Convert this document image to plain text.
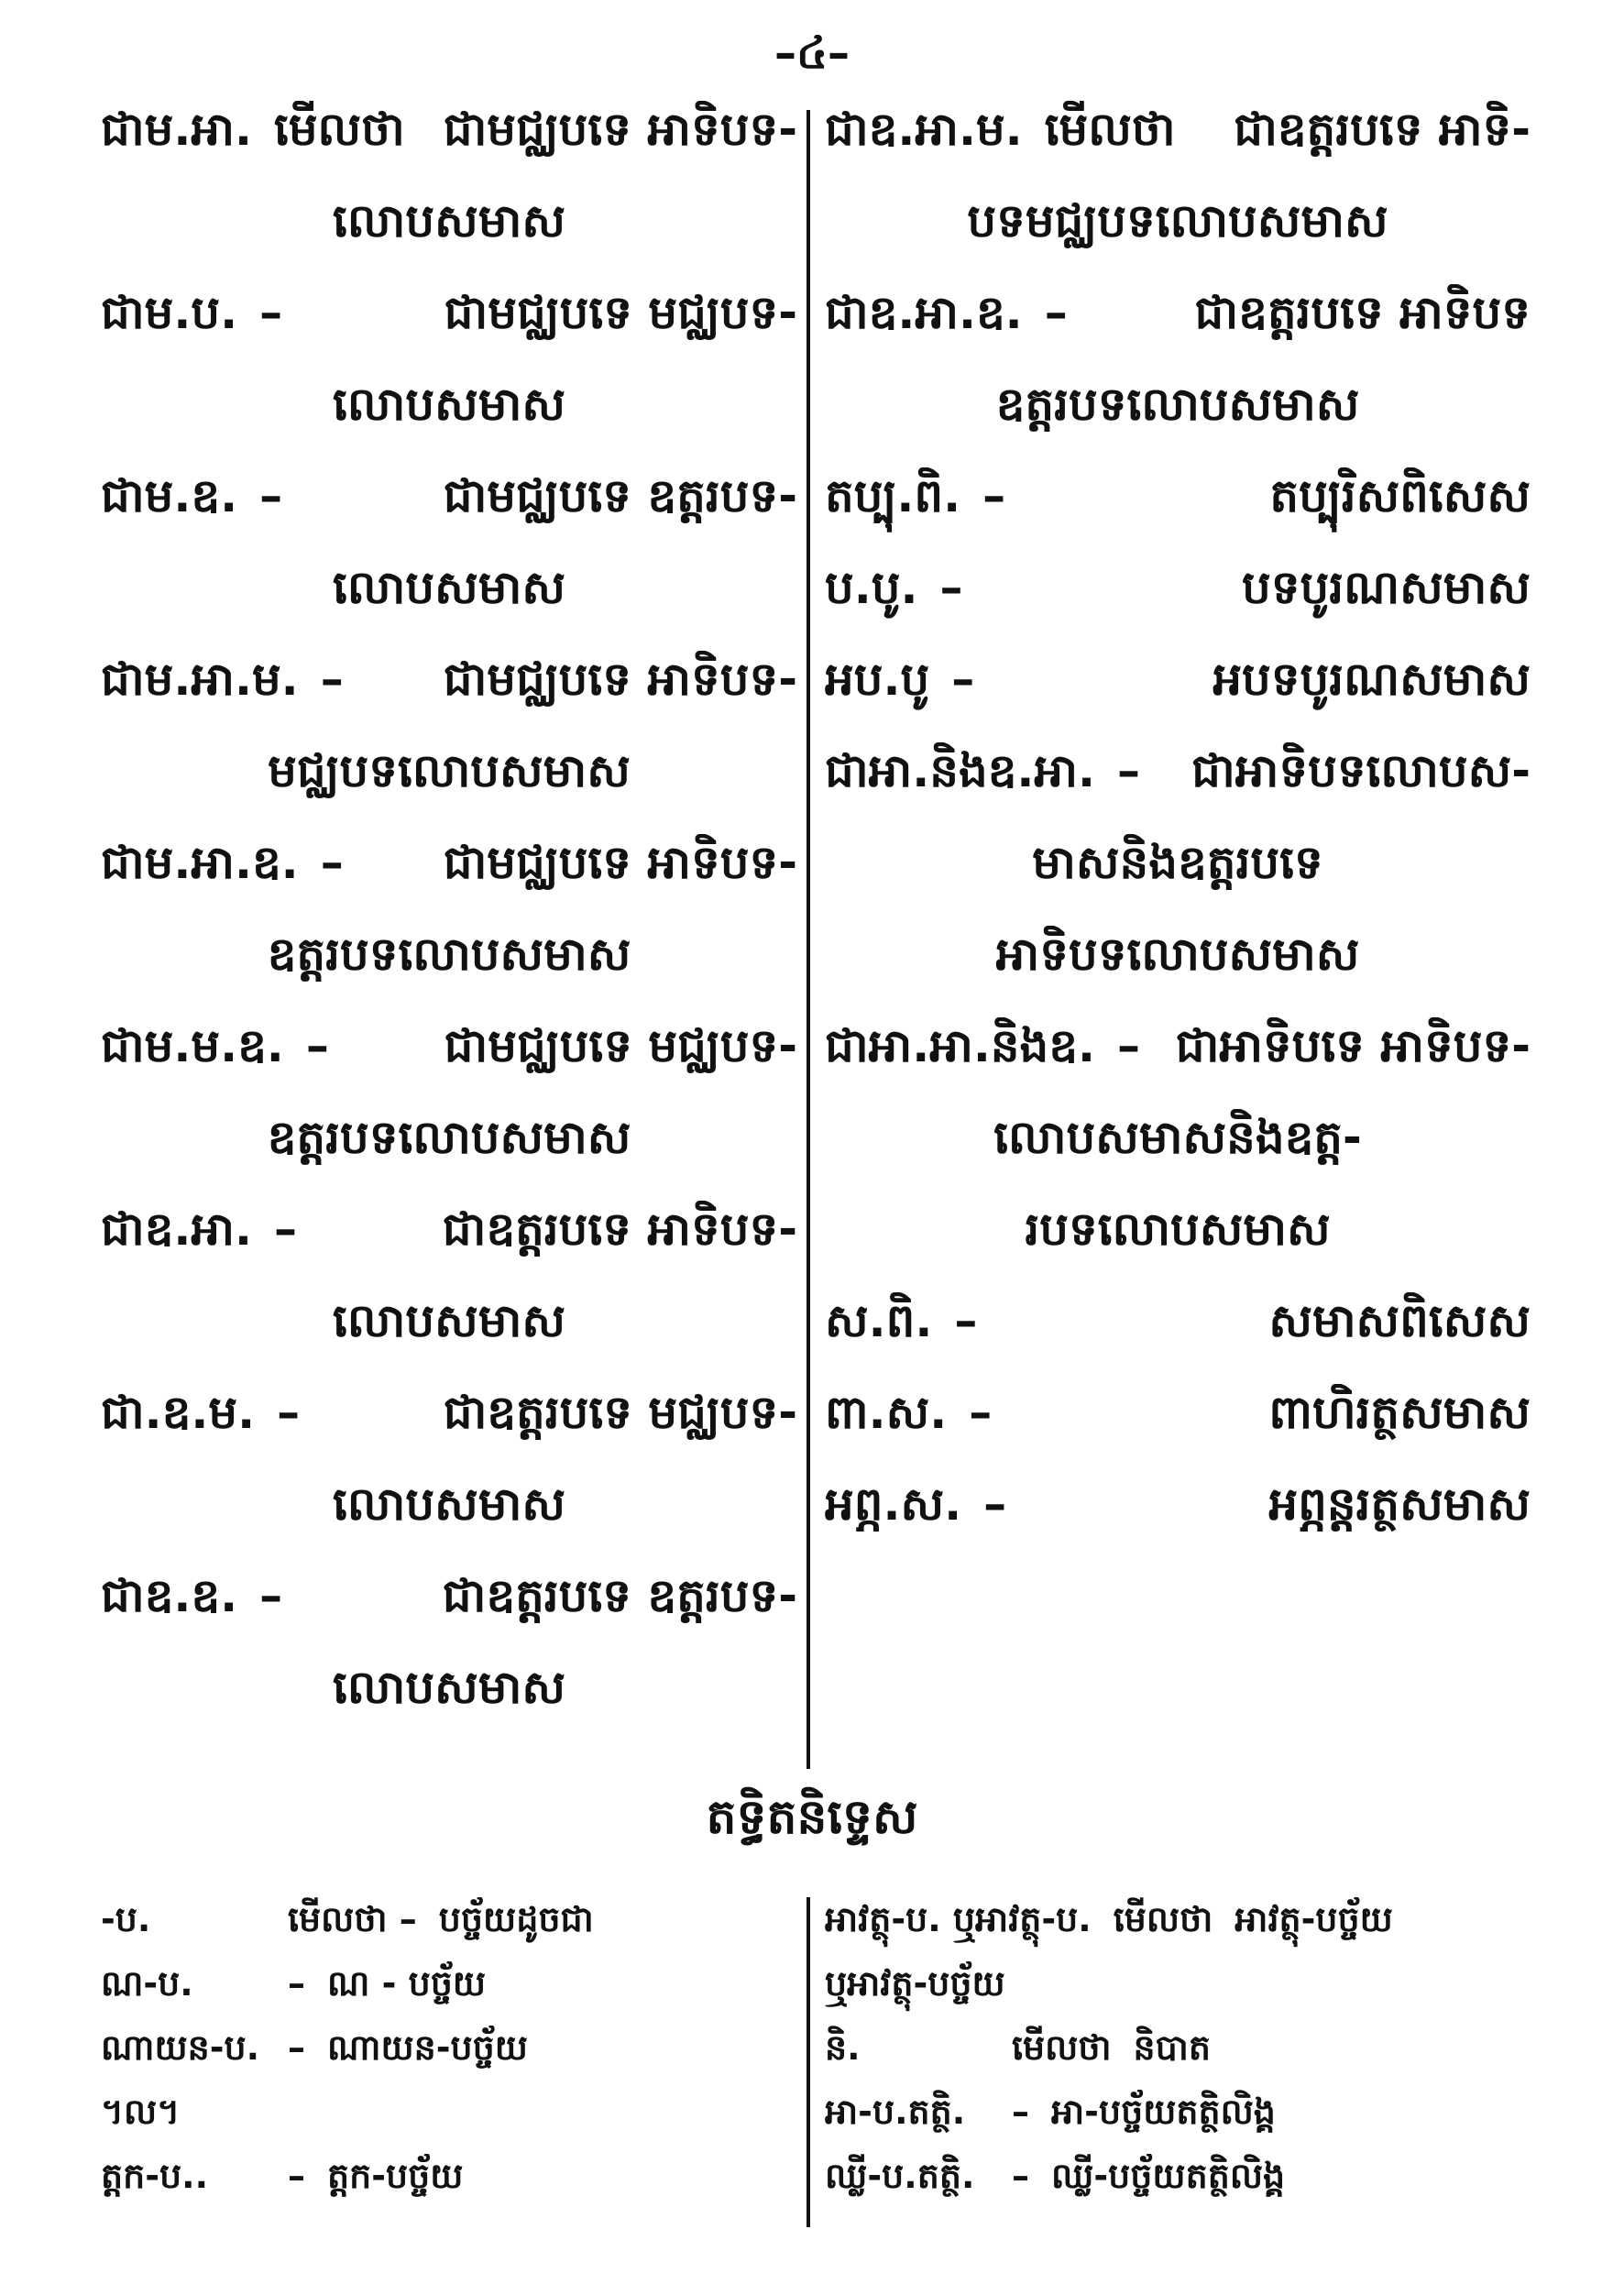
–៤–
ជាម.អា. មើលថា ជាមជ្ឈបទេ អាទិបទ-
លោបសមាស
ជាម.ប. –	ជាមជ្ឈបទេ មជ្ឈបទ-
លោបសមាស
ជាម.ឧ. –	ជាមជ្ឈបទេ ឧត្តរបទ-
លោបសមាស
ជាម.អា.ម. –	ជាមជ្ឈបទេ អាទិបទ-
មជ្ឈបទលោបសមាស
ជាម.អា.ឧ. –	ជាមជ្ឈបទេ អាទិបទ-
ឧត្តរបទលោបសមាស
ជាម.ម.ឧ. –	ជាមជ្ឈបទេ មជ្ឈបទ-
ឧត្តរបទលោបសមាស
ជាឧ.អា. –	ជាឧត្តរបទេ អាទិបទ-
លោបសមាស
ជា.ឧ.ម. –	ជាឧត្តរបទេ មជ្ឈបទ-
លោបសមាស
ជាឧ.ឧ. –	ជាឧត្តរបទេ ឧត្តរបទ-
លោបសមាស
ជាឧ.អា.ម. មើលថា	ជាឧត្តរបទេ អាទិ-
បទមជ្ឈបទលោបសមាស
ជាឧ.អា.ឧ. –	ជាឧត្តរបទេ អាទិបទ
ឧត្តរបទលោបសមាស
តប្បុ.ពិ. –	តប្បុរិសពិសេស
ប.បូ. –	បទបូរណសមាស
អប.បូ –	អបទបូរណសមាស
ជាអា.និងឧ.អា. –	ជាអាទិបទលោបស-
មាសនិងឧត្តរបទេ
អាទិបទលោបសមាស
ជាអា.អា.និងឧ. – ជាអាទិបទេ អាទិបទ-
លោបសមាសនិងឧត្ត-
របទលោបសមាស
ស.ពិ. –	សមាសពិសេស
ពា.ស. –	ពាហិរត្ថសមាស
អព្ភ.ស. –	អព្ភន្តរត្ថសមាស
តទ្ធិតនិទ្ទេស
-ប.	មើលថា – បច្ច័យដូចជា
ណ-ប.	– ណ - បច្ច័យ
ណាយន-ប. – ណាយន-បច្ច័យ
។ល។
ត្តក-ប..	– ត្តក-បច្ច័យ
អាវត្ថុ-ប. ឬអាវត្ថុ-ប. មើលថា អាវត្ថុ-បច្ច័យ
ឬអាវត្ថុ-បច្ច័យ
និ.	មើលថា និបាត
អា-ប.តត្ថិ.	– អា-បច្ច័យតត្ថិលិង្គ
ឈ្លី-ប.តត្ថិ.	– ឈ្លី-បច្ច័យតត្ថិលិង្គ
